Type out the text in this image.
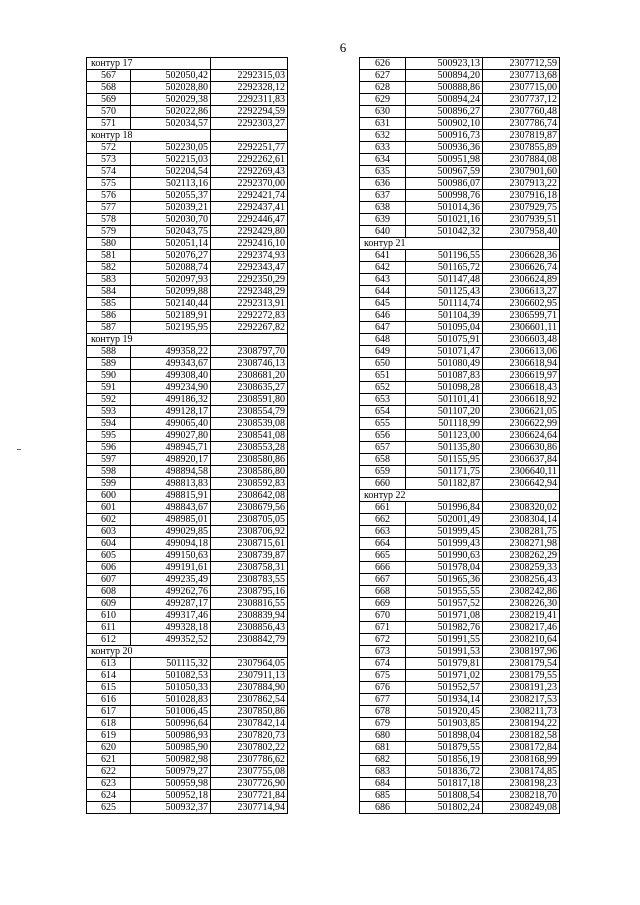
6
контур 17		
567	502050,42	2292315,03
568	502028,80	2292328,12
569	502029,38	2292311,83
570	502022,86	2292294,59
571	502034,57	2292303,27
контур 18		
572	502230,05	2292251,77
573	502215,03	2292262,61
574	502204,54	2292269,43
575	502113,16	2292370,00
576	502055,37	2292421,74
577	502039,21	2292437,41
578	502030,70	2292446,47
579	502043,75	2292429,80
580	502051,14	2292416,10
581	502076,27	2292374,93
582	502088,74	2292343,47
583	502097,93	2292350,29
584	502099,88	2292348,29
585	502140,44	2292313,91
586	502189,91	2292272,83
587	502195,95	2292267,82
контур 19		
588	499358,22	2308797,70
589	499343,67	2308746,13
590	499308,40	2308681,20
591	499234,90	2308635,27
592	499186,32	2308591,80
593	499128,17	2308554,79
594	499065,40	2308539,08
595	499027,80	2308541,08
596	498945,71	2308553,28
597	498920,17	2308580,86
598	498894,58	2308586,80
599	498813,83	2308592,83
600	498815,91	2308642,08
601	498843,67	2308679,56
602	498985,01	2308705,05
603	499029,85	2308706,92
604	499094,18	2308715,61
605	499150,63	2308739,87
606	499191,61	2308758,31
607	499235,49	2308783,55
608	499262,76	2308795,16
609	499287,17	2308816,55
610	499317,46	2308839,94
611	499328,18	2308856,43
612	499352,52	2308842,79
контур 20		
613	501115,32	2307964,05
614	501082,53	2307911,13
615	501050,33	2307884,90
616	501028,83	2307862,54
617	501006,45	2307850,86
618	500996,64	2307842,14
619	500986,93	2307820,73
620	500985,90	2307802,22
621	500982,98	2307786,62
622	500979,27	2307755,08
623	500959,98	2307726,90
624	500952,18	2307721,84
625	500932,37	2307714,94
626	500923,13	2307712,59
627	500894,20	2307713,68
628	500888,86	2307715,00
629	500894,24	2307737,12
630	500896,27	2307760,48
631	500902,10	2307786,74
632	500916,73	2307819,87
633	500936,36	2307855,89
634	500951,98	2307884,08
635	500967,59	2307901,60
636	500986,07	2307913,22
637	500998,76	2307916,18
638	501014,36	2307929,75
639	501021,16	2307939,51
640	501042,32	2307958,40
контур 21		
641	501196,55	2306628,36
642	501165,72	2306626,74
643	501147,48	2306624,89
644	501125,43	2306613,27
645	501114,74	2306602,95
646	501104,39	2306599,71
647	501095,04	2306601,11
648	501075,91	2306603,48
649	501071,47	2306613,06
650	501080,49	2306618,94
651	501087,83	2306619,97
652	501098,28	2306618,43
653	501101,41	2306618,92
654	501107,20	2306621,05
655	501118,99	2306622,99
656	501123,00	2306624,64
657	501135,80	2306630,86
658	501155,95	2306637,84
659	501171,75	2306640,11
660	501182,87	2306642,94
контур 22		
661	501996,84	2308320,02
662	502001,49	2308304,14
663	501999,45	2308281,75
664	501999,43	2308271,98
665	501990,63	2308262,29
666	501978,04	2308259,33
667	501965,36	2308256,43
668	501955,55	2308242,86
669	501957,52	2308226,30
670	501971,08	2308219,41
671	501982,76	2308217,46
672	501991,55	2308210,64
673	501991,53	2308197,96
674	501979,81	2308179,54
675	501971,02	2308179,55
676	501952,57	2308191,23
677	501934,14	2308217,53
678	501920,45	2308211,73
679	501903,85	2308194,22
680	501898,04	2308182,58
681	501879,55	2308172,84
682	501856,19	2308168,99
683	501836,72	2308174,85
684	501817,18	2308198,23
685	501808,54	2308218,70
686	501802,24	2308249,08
